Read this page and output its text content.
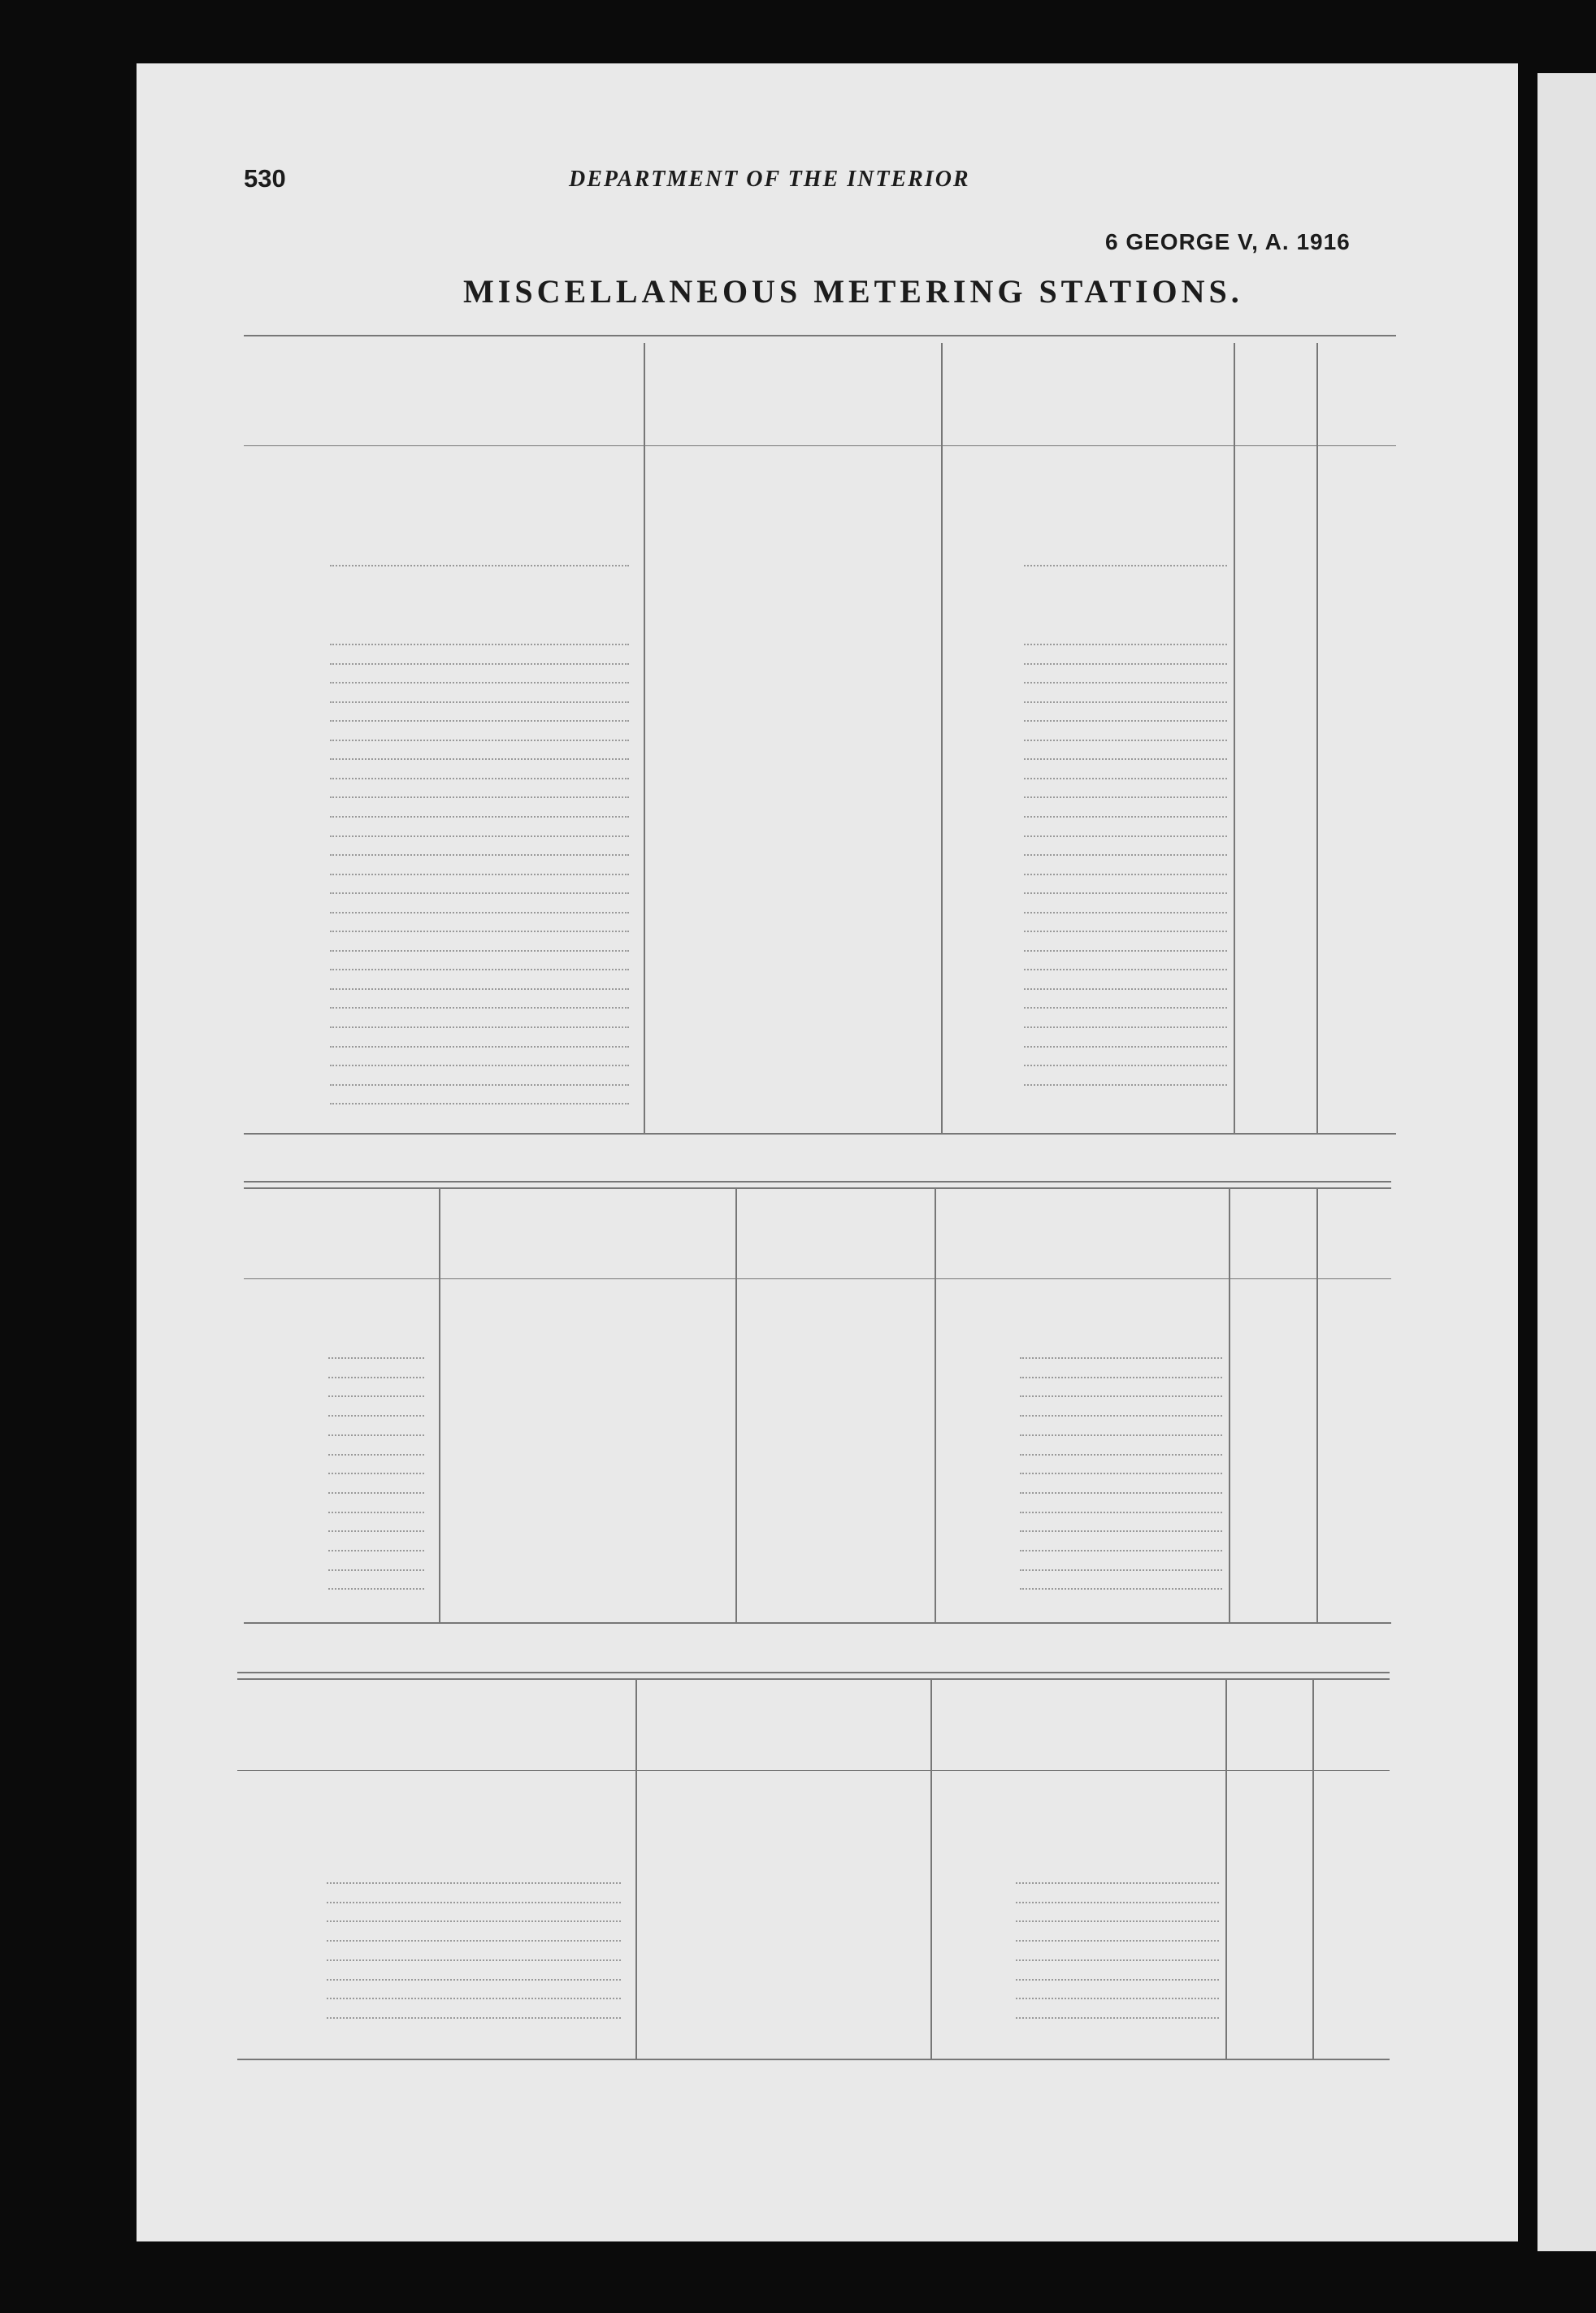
530	DEPARTMENT OF THE INTERIOR
6 GEORGE V, A. 1916
MISCELLANEOUS METERING STATIONS.
